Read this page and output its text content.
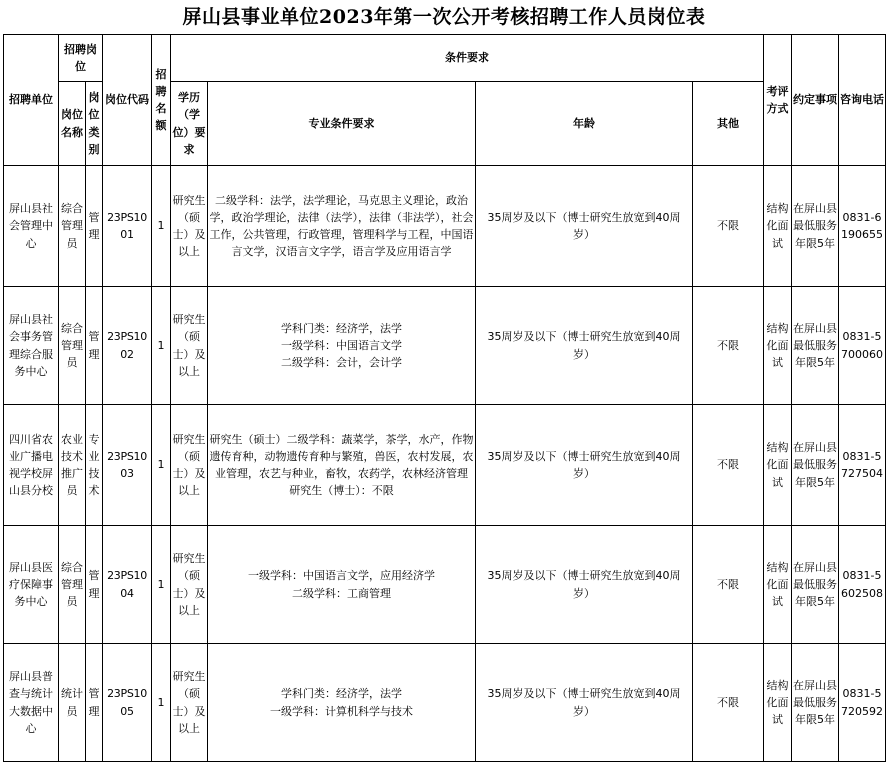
屏山县事业单位2023年第一次公开考核招聘工作人员岗位表
招聘单位	招聘岗位		岗位代码	招聘名额	条件要求				考评方式	约定事项	咨询电话
	岗位名称	岗位类别			学历（学位）要求	专业条件要求	年龄	其他			
屏山县社会管理中心	综合管理员	管理	23PS1001	1	研究生（硕士）及以上	二级学科：法学，法学理论，马克思主义理论，政治学，政治学理论，法律（法学），法律（非法学），社会工作，公共管理，行政管理，管理科学与工程，中国语言文学，汉语言文字学，语言学及应用语言学	35周岁及以下（博士研究生放宽到40周岁）	不限	结构化面试	在屏山县最低服务年限5年	0831-6190655
屏山县社会事务管理综合服务中心	综合管理员	管理	23PS1002	1	研究生（硕士）及以上	学科门类：经济学，法学
一级学科：中国语言文学
二级学科：会计，会计学	35周岁及以下（博士研究生放宽到40周岁）	不限	结构化面试	在屏山县最低服务年限5年	0831-5700060
四川省农业广播电视学校屏山县分校	农业技术推广员	专业技术	23PS1003	1	研究生（硕士）及以上	研究生（硕士）二级学科：蔬菜学，茶学，水产，作物遗传育种，动物遗传育种与繁殖，兽医，农村发展，农业管理，农艺与种业，畜牧，农药学，农林经济管理
研究生（博士）：不限	35周岁及以下（博士研究生放宽到40周岁）	不限	结构化面试	在屏山县最低服务年限5年	0831-5727504
屏山县医疗保障事务中心	综合管理员	管理	23PS1004	1	研究生（硕士）及以上	一级学科：中国语言文学，应用经济学
二级学科：工商管理	35周岁及以下（博士研究生放宽到40周岁）	不限	结构化面试	在屏山县最低服务年限5年	0831-5602508
屏山县普查与统计大数据中心	统计员	管理	23PS1005	1	研究生（硕士）及以上	学科门类：经济学，法学
一级学科：计算机科学与技术	35周岁及以下（博士研究生放宽到40周岁）	不限	结构化面试	在屏山县最低服务年限5年	0831-5720592
